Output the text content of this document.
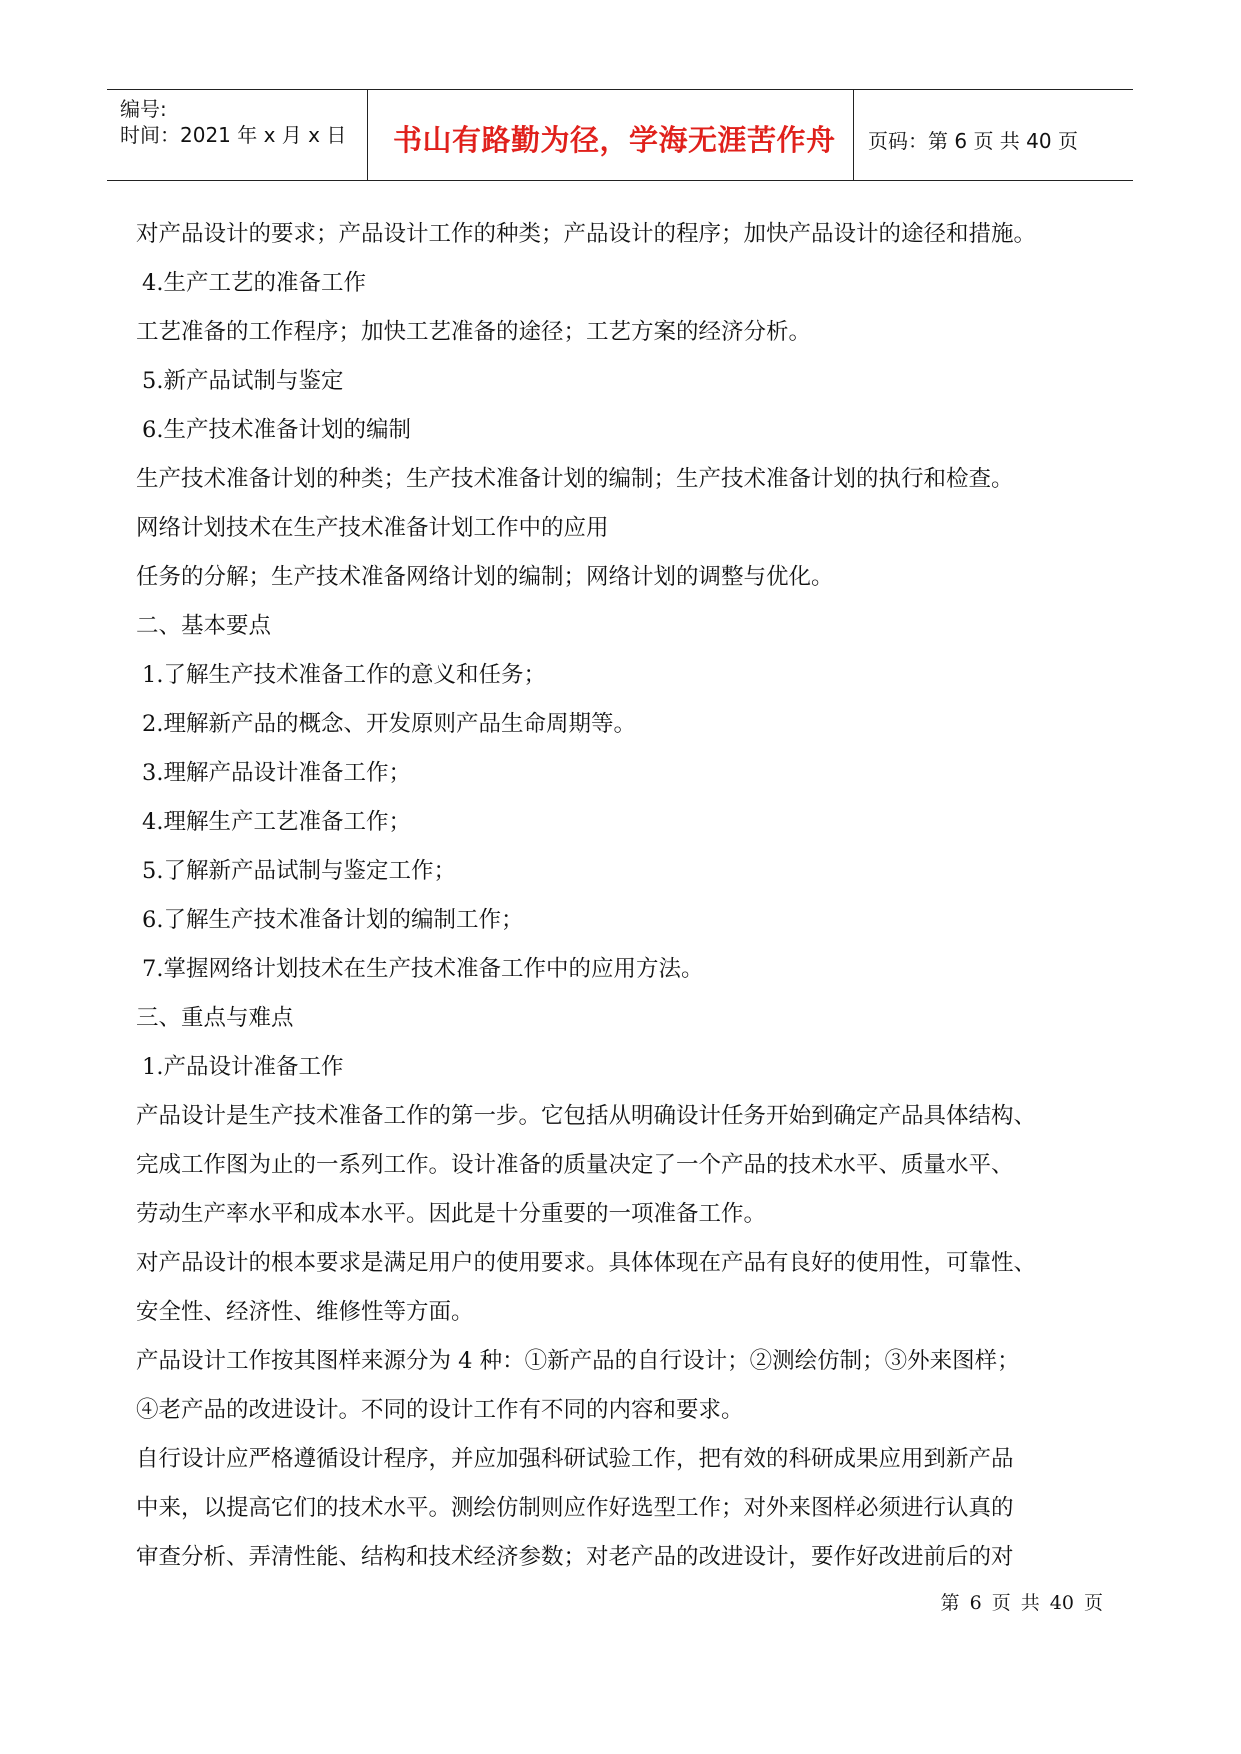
编号:
时间：2021 年 x 月 x 日 书山有路勤为径，学海无涯苦作舟 页码：第 6 页 共 40 页
对产品设计的要求；产品设计工作的种类；产品设计的程序；加快产品设计的途径和措施。
4.生产工艺的准备工作
工艺准备的工作程序；加快工艺准备的途径；工艺方案的经济分析。
5.新产品试制与鉴定
6.生产技术准备计划的编制
生产技术准备计划的种类；生产技术准备计划的编制；生产技术准备计划的执行和检查。
网络计划技术在生产技术准备计划工作中的应用
任务的分解；生产技术准备网络计划的编制；网络计划的调整与优化。
二、基本要点
1.了解生产技术准备工作的意义和任务；
2.理解新产品的概念、开发原则产品生命周期等。
3.理解产品设计准备工作；
4.理解生产工艺准备工作；
5.了解新产品试制与鉴定工作；
6.了解生产技术准备计划的编制工作；
7.掌握网络计划技术在生产技术准备工作中的应用方法。
三、重点与难点
1.产品设计准备工作
产品设计是生产技术准备工作的第一步。它包括从明确设计任务开始到确定产品具体结构、
完成工作图为止的一系列工作。设计准备的质量决定了一个产品的技术水平、质量水平、
劳动生产率水平和成本水平。因此是十分重要的一项准备工作。
对产品设计的根本要求是满足用户的使用要求。具体体现在产品有良好的使用性，可靠性、
安全性、经济性、维修性等方面。
产品设计工作按其图样来源分为 4 种：①新产品的自行设计；②测绘仿制；③外来图样；
④老产品的改进设计。不同的设计工作有不同的内容和要求。
自行设计应严格遵循设计程序，并应加强科研试验工作，把有效的科研成果应用到新产品
中来，以提高它们的技术水平。测绘仿制则应作好选型工作；对外来图样必须进行认真的
审查分析、弄清性能、结构和技术经济参数；对老产品的改进设计，要作好改进前后的对
第 6 页 共 40 页
